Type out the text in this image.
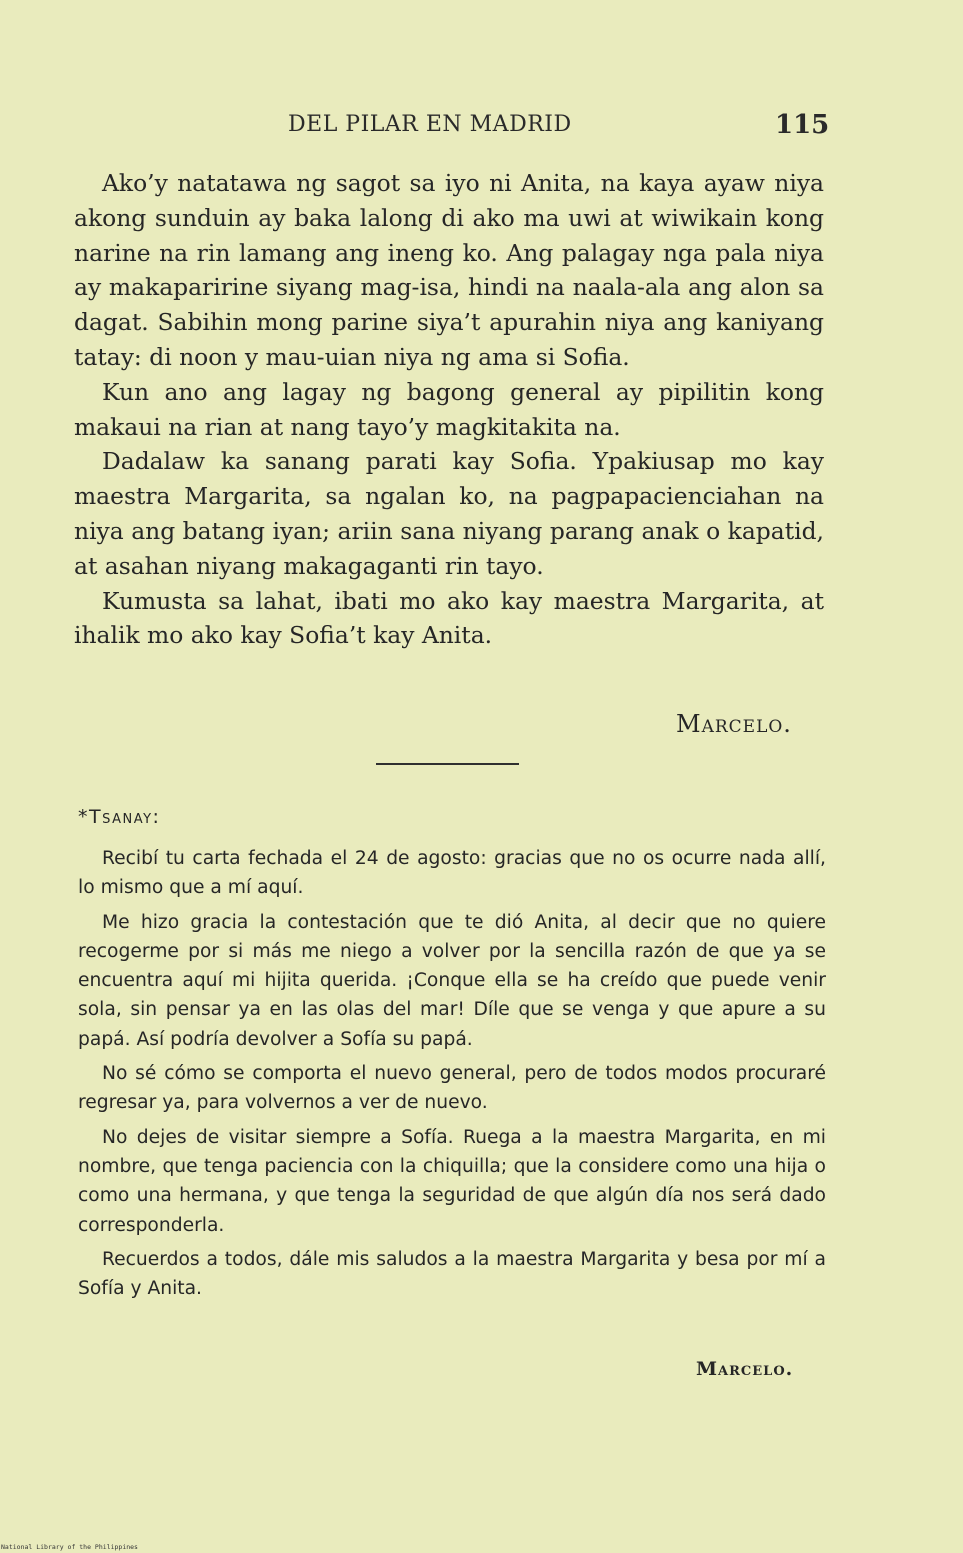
DEL PILAR EN MADRID	115

Ako’y natatawa ng sagot sa iyo ni Anita, na kaya ayaw niya akong sunduin ay baka lalong di ako ma uwi at wiwikain kong narine na rin lamang ang ineng ko. Ang palagay nga pala niya ay makaparirine siyang mag-isa, hindi na naala-ala ang alon sa dagat. Sabihin mong parine siya’t apurahin niya ang kaniyang tatay: di noon y mau-uian niya ng ama si Sofia.

Kun ano ang lagay ng bagong general ay pipilitin kong makaui na rian at nang tayo’y magkitakita na.

Dadalaw ka sanang parati kay Sofia. Ypakiusap mo kay maestra Margarita, sa ngalan ko, na pagpapacienciahan na niya ang batang iyan; ariin sana niyang parang anak o kapatid, at asahan niyang makagaganti rin tayo.

Kumusta sa lahat, ibati mo ako kay maestra Margarita, at ihalik mo ako kay Sofia’t kay Anita.

Marcelo.
*Tsanay:

Recibí tu carta fechada el 24 de agosto: gracias que no os ocurre nada allí, lo mismo que a mí aquí.

Me hizo gracia la contestación que te dió Anita, al decir que no quiere recogerme por si más me niego a volver por la sencilla razón de que ya se encuentra aquí mi hijita querida. ¡Conque ella se ha creído que puede venir sola, sin pensar ya en las olas del mar! Díle que se venga y que apure a su papá. Así podría devolver a Sofía su papá.

No sé cómo se comporta el nuevo general, pero de todos modos procuraré regresar ya, para volvernos a ver de nuevo.

No dejes de visitar siempre a Sofía. Ruega a la maestra Margarita, en mi nombre, que tenga paciencia con la chiquilla; que la considere como una hija o como una hermana, y que tenga la seguridad de que algún día nos será dado corresponderla.

Recuerdos a todos, dále mis saludos a la maestra Margarita y besa por mí a Sofía y Anita.

Marcelo.
National Library of the Philippines
